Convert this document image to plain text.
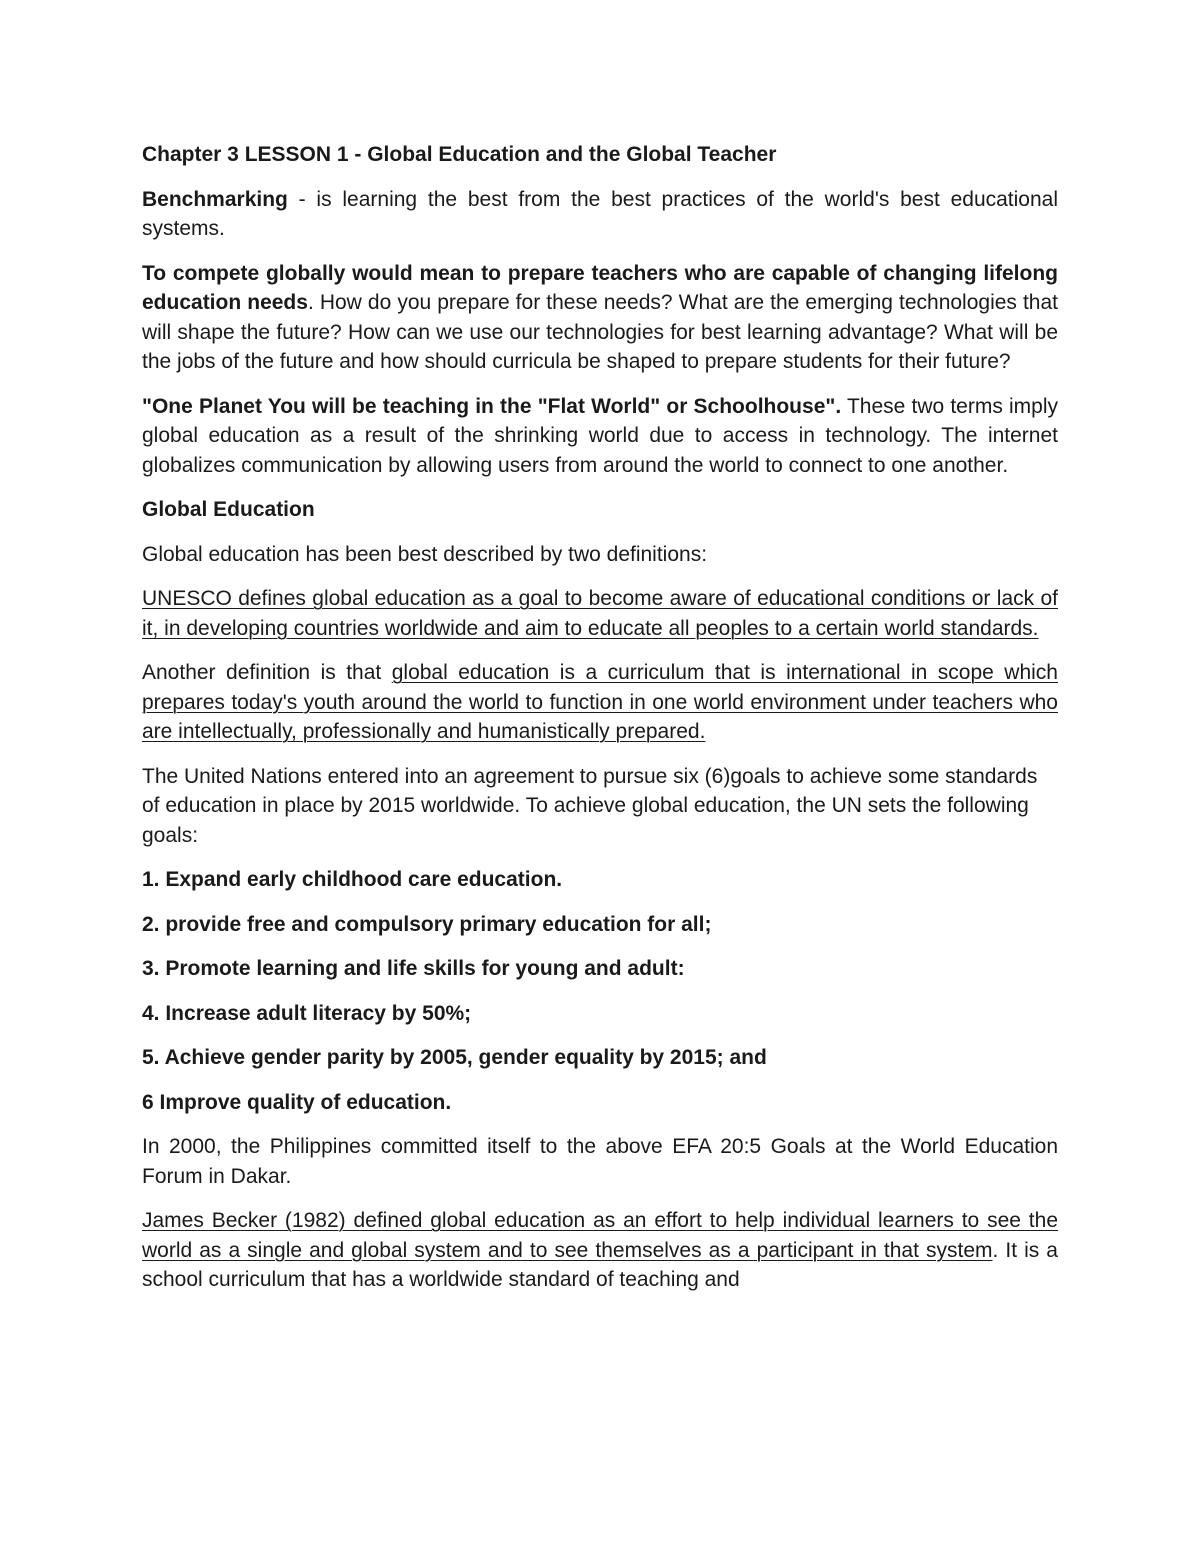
Chapter 3 LESSON 1 - Global Education and the Global Teacher

Benchmarking - is learning the best from the best practices of the world's best educational systems.

To compete globally would mean to prepare teachers who are capable of changing lifelong education needs. How do you prepare for these needs? What are the emerging technologies that will shape the future? How can we use our technologies for best learning advantage? What will be the jobs of the future and how should curricula be shaped to prepare students for their future?

"One Planet You will be teaching in the "Flat World" or Schoolhouse". These two terms imply global education as a result of the shrinking world due to access in technology. The internet globalizes communication by allowing users from around the world to connect to one another.

Global Education

Global education has been best described by two definitions:

UNESCO defines global education as a goal to become aware of educational conditions or lack of it, in developing countries worldwide and aim to educate all peoples to a certain world standards.

Another definition is that global education is a curriculum that is international in scope which prepares today's youth around the world to function in one world environment under teachers who are intellectually, professionally and humanistically prepared.

The United Nations entered into an agreement to pursue six (6)goals to achieve some standards of education in place by 2015 worldwide. To achieve global education, the UN sets the following goals:

1. Expand early childhood care education.

2. provide free and compulsory primary education for all;

3. Promote learning and life skills for young and adult:

4. Increase adult literacy by 50%;

5. Achieve gender parity by 2005, gender equality by 2015; and

6 Improve quality of education.

In 2000, the Philippines committed itself to the above EFA 20:5 Goals at the World Education Forum in Dakar.

James Becker (1982) defined global education as an effort to help individual learners to see the world as a single and global system and to see themselves as a participant in that system. It is a school curriculum that has a worldwide standard of teaching and
